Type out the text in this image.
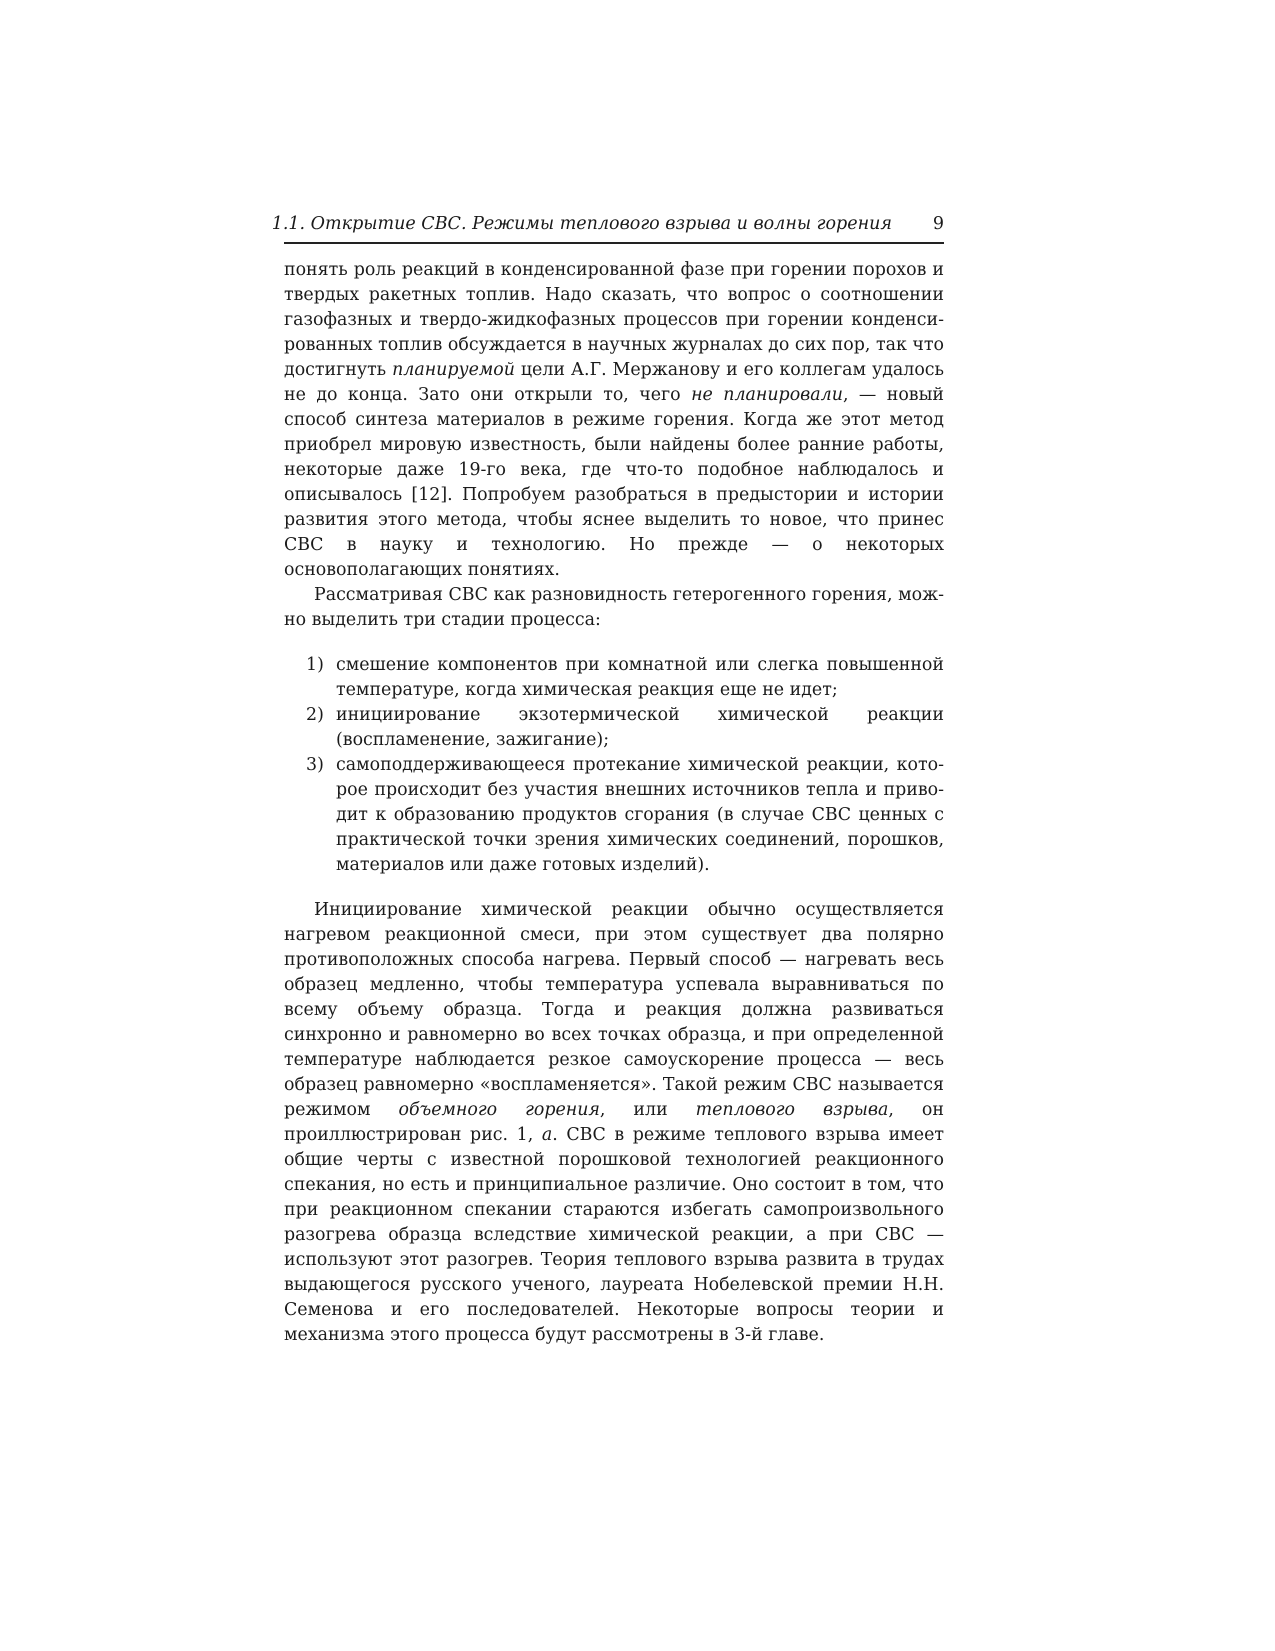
1.1. Открытие СВС. Режимы теплового взрыва и волны горения 9

понять роль реакций в конденсированной фазе при горении порохов и твердых ракетных топлив. Надо сказать, что вопрос о соотношении газофазных и твердо-жидкофазных процессов при горении конденсированных топлив обсуждается в научных журналах до сих пор, так что достигнуть планируемой цели А.Г. Мержанову и его коллегам удалось не до конца. Зато они открыли то, чего не планировали, — новый способ синтеза материалов в режиме горения. Когда же этот метод приобрел мировую известность, были найдены более ранние работы, некоторые даже 19-го века, где что-то подобное наблюдалось и описывалось [12]. Попробуем разобраться в предыстории и истории развития этого метода, чтобы яснее выделить то новое, что принес СВС в науку и технологию. Но прежде — о некоторых основополагающих понятиях.

Рассматривая СВС как разновидность гетерогенного горения, можно выделить три стадии процесса:

1) смешение компонентов при комнатной или слегка повышенной температуре, когда химическая реакция еще не идет;
2) инициирование экзотермической химической реакции (воспламенение, зажигание);
3) самоподдерживающееся протекание химической реакции, которое происходит без участия внешних источников тепла и приводит к образованию продуктов сгорания (в случае СВС ценных с практической точки зрения химических соединений, порошков, материалов или даже готовых изделий).

Инициирование химической реакции обычно осуществляется нагревом реакционной смеси, при этом существует два полярно противоположных способа нагрева. Первый способ — нагревать весь образец медленно, чтобы температура успевала выравниваться по всему объему образца. Тогда и реакция должна развиваться синхронно и равномерно во всех точках образца, и при определенной температуре наблюдается резкое самоускорение процесса — весь образец равномерно «воспламеняется». Такой режим СВС называется режимом объемного горения, или теплового взрыва, он проиллюстрирован рис. 1, а. СВС в режиме теплового взрыва имеет общие черты с известной порошковой технологией реакционного спекания, но есть и принципиальное различие. Оно состоит в том, что при реакционном спекании стараются избегать самопроизвольного разогрева образца вследствие химической реакции, а при СВС — используют этот разогрев. Теория теплового взрыва развита в трудах выдающегося русского ученого, лауреата Нобелевской премии Н.Н. Семенова и его последователей. Некоторые вопросы теории и механизма этого процесса будут рассмотрены в 3-й главе.
